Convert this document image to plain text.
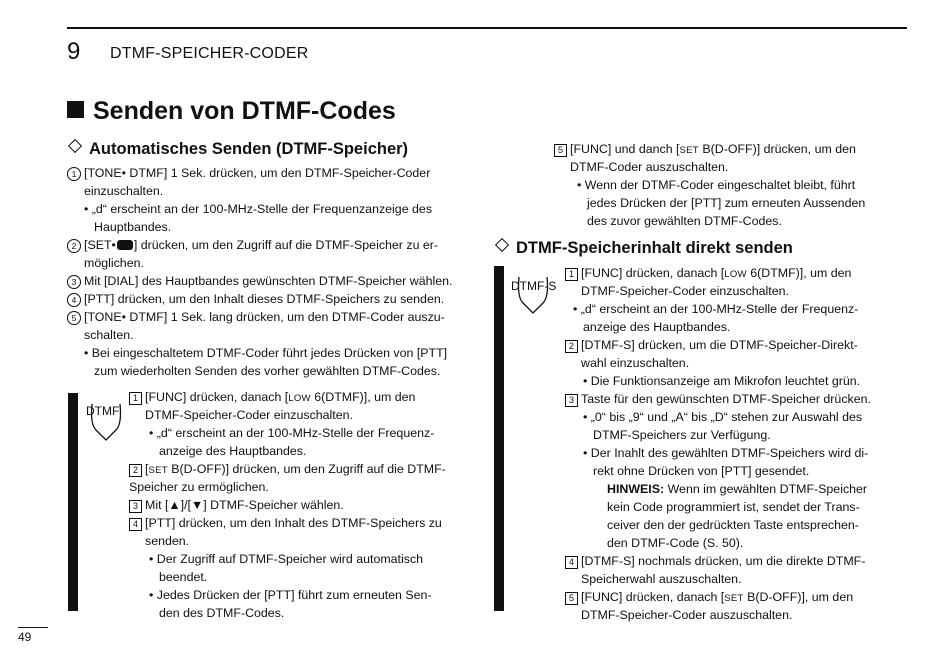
9 DTMF-SPEICHER-CODER
Senden von DTMF-Codes
Automatisches Senden (DTMF-Speicher)
1 [TONE• DTMF] 1 Sek. drücken, um den DTMF-Speicher-Coder
einzuschalten.
• „d“ erscheint an der 100-MHz-Stelle der Frequenzanzeige des
Hauptbandes.
2 [SET• ] drücken, um den Zugriff auf die DTMF-Speicher zu er-
möglichen.
3 Mit [DIAL] des Hauptbandes gewünschten DTMF-Speicher wählen.
4 [PTT] drücken, um den Inhalt dieses DTMF-Speichers zu senden.
5 [TONE• DTMF] 1 Sek. lang drücken, um den DTMF-Coder auszu-
schalten.
• Bei eingeschaltetem DTMF-Coder führt jedes Drücken von [PTT]
zum wiederholten Senden des vorher gewählten DTMF-Codes.
DTMF
1 [FUNC] drücken, danach [LOW 6(DTMF)], um den
DTMF-Speicher-Coder einzuschalten.
• „d“ erscheint an der 100-MHz-Stelle der Frequenz-
anzeige des Hauptbandes.
2 [SET B(D-OFF)] drücken, um den Zugriff auf die DTMF-
Speicher zu ermöglichen.
3 Mit [▲]/[▼] DTMF-Speicher wählen.
4 [PTT] drücken, um den Inhalt des DTMF-Speichers zu
senden.
• Der Zugriff auf DTMF-Speicher wird automatisch
beendet.
• Jedes Drücken der [PTT] führt zum erneuten Sen-
den des DTMF-Codes.
5 [FUNC] und danch [SET B(D-OFF)] drücken, um den
DTMF-Coder auszuschalten.
• Wenn der DTMF-Coder eingeschaltet bleibt, führt
jedes Drücken der [PTT] zum erneuten Aussenden
des zuvor gewählten DTMF-Codes.
DTMF-Speicherinhalt direkt senden
DTMF-S
1 [FUNC] drücken, danach [LOW 6(DTMF)], um den
DTMF-Speicher-Coder einzuschalten.
• „d“ erscheint an der 100-MHz-Stelle der Frequenz-
anzeige des Hauptbandes.
2 [DTMF-S] drücken, um die DTMF-Speicher-Direkt-
wahl einzuschalten.
• Die Funktionsanzeige am Mikrofon leuchtet grün.
3 Taste für den gewünschten DTMF-Speicher drücken.
• „0“ bis „9“ und „A“ bis „D“ stehen zur Auswahl des
DTMF-Speichers zur Verfügung.
• Der Inahlt des gewählten DTMF-Speichers wird di-
rekt ohne Drücken von [PTT] gesendet.
HINWEIS: Wenn im gewählten DTMF-Speicher
kein Code programmiert ist, sendet der Trans-
ceiver den der gedrückten Taste entsprechen-
den DTMF-Code (S. 50).
4 [DTMF-S] nochmals drücken, um die direkte DTMF-
Speicherwahl auszuschalten.
5 [FUNC] drücken, danach [SET B(D-OFF)], um den
DTMF-Speicher-Coder auszuschalten.
49
